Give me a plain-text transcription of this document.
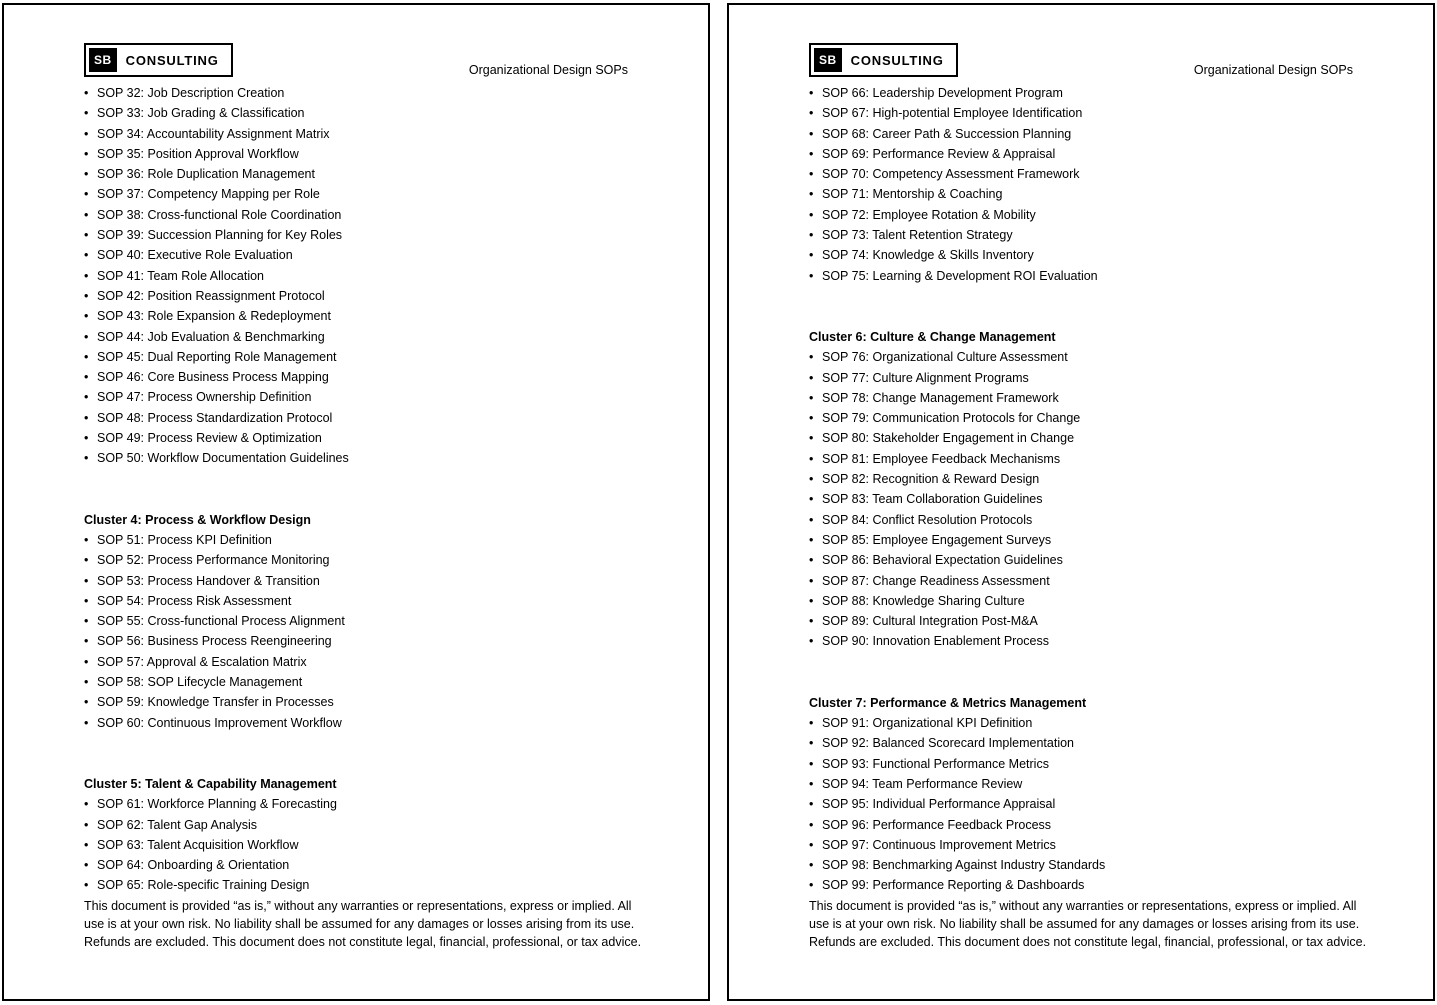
SB	CONSULTING
Organizational Design SOPs
• SOP 32: Job Description Creation
• SOP 33: Job Grading & Classification
• SOP 34: Accountability Assignment Matrix
• SOP 35: Position Approval Workflow
• SOP 36: Role Duplication Management
• SOP 37: Competency Mapping per Role
• SOP 38: Cross-functional Role Coordination
• SOP 39: Succession Planning for Key Roles
• SOP 40: Executive Role Evaluation
• SOP 41: Team Role Allocation
• SOP 42: Position Reassignment Protocol
• SOP 43: Role Expansion & Redeployment
• SOP 44: Job Evaluation & Benchmarking
• SOP 45: Dual Reporting Role Management
• SOP 46: Core Business Process Mapping
• SOP 47: Process Ownership Definition
• SOP 48: Process Standardization Protocol
• SOP 49: Process Review & Optimization
• SOP 50: Workflow Documentation Guidelines
Cluster 4: Process & Workflow Design
• SOP 51: Process KPI Definition
• SOP 52: Process Performance Monitoring
• SOP 53: Process Handover & Transition
• SOP 54: Process Risk Assessment
• SOP 55: Cross-functional Process Alignment
• SOP 56: Business Process Reengineering
• SOP 57: Approval & Escalation Matrix
• SOP 58: SOP Lifecycle Management
• SOP 59: Knowledge Transfer in Processes
• SOP 60: Continuous Improvement Workflow
Cluster 5: Talent & Capability Management
• SOP 61: Workforce Planning & Forecasting
• SOP 62: Talent Gap Analysis
• SOP 63: Talent Acquisition Workflow
• SOP 64: Onboarding & Orientation
• SOP 65: Role-specific Training Design

This document is provided “as is,” without any warranties or representations, express or implied. All use is at your own risk. No liability shall be assumed for any damages or losses arising from its use. Refunds are excluded. This document does not constitute legal, financial, professional, or tax advice.

SB	CONSULTING
Organizational Design SOPs
• SOP 66: Leadership Development Program
• SOP 67: High-potential Employee Identification
• SOP 68: Career Path & Succession Planning
• SOP 69: Performance Review & Appraisal
• SOP 70: Competency Assessment Framework
• SOP 71: Mentorship & Coaching
• SOP 72: Employee Rotation & Mobility
• SOP 73: Talent Retention Strategy
• SOP 74: Knowledge & Skills Inventory
• SOP 75: Learning & Development ROI Evaluation
Cluster 6: Culture & Change Management
• SOP 76: Organizational Culture Assessment
• SOP 77: Culture Alignment Programs
• SOP 78: Change Management Framework
• SOP 79: Communication Protocols for Change
• SOP 80: Stakeholder Engagement in Change
• SOP 81: Employee Feedback Mechanisms
• SOP 82: Recognition & Reward Design
• SOP 83: Team Collaboration Guidelines
• SOP 84: Conflict Resolution Protocols
• SOP 85: Employee Engagement Surveys
• SOP 86: Behavioral Expectation Guidelines
• SOP 87: Change Readiness Assessment
• SOP 88: Knowledge Sharing Culture
• SOP 89: Cultural Integration Post-M&A
• SOP 90: Innovation Enablement Process
Cluster 7: Performance & Metrics Management
• SOP 91: Organizational KPI Definition
• SOP 92: Balanced Scorecard Implementation
• SOP 93: Functional Performance Metrics
• SOP 94: Team Performance Review
• SOP 95: Individual Performance Appraisal
• SOP 96: Performance Feedback Process
• SOP 97: Continuous Improvement Metrics
• SOP 98: Benchmarking Against Industry Standards
• SOP 99: Performance Reporting & Dashboards

This document is provided “as is,” without any warranties or representations, express or implied. All use is at your own risk. No liability shall be assumed for any damages or losses arising from its use. Refunds are excluded. This document does not constitute legal, financial, professional, or tax advice.
